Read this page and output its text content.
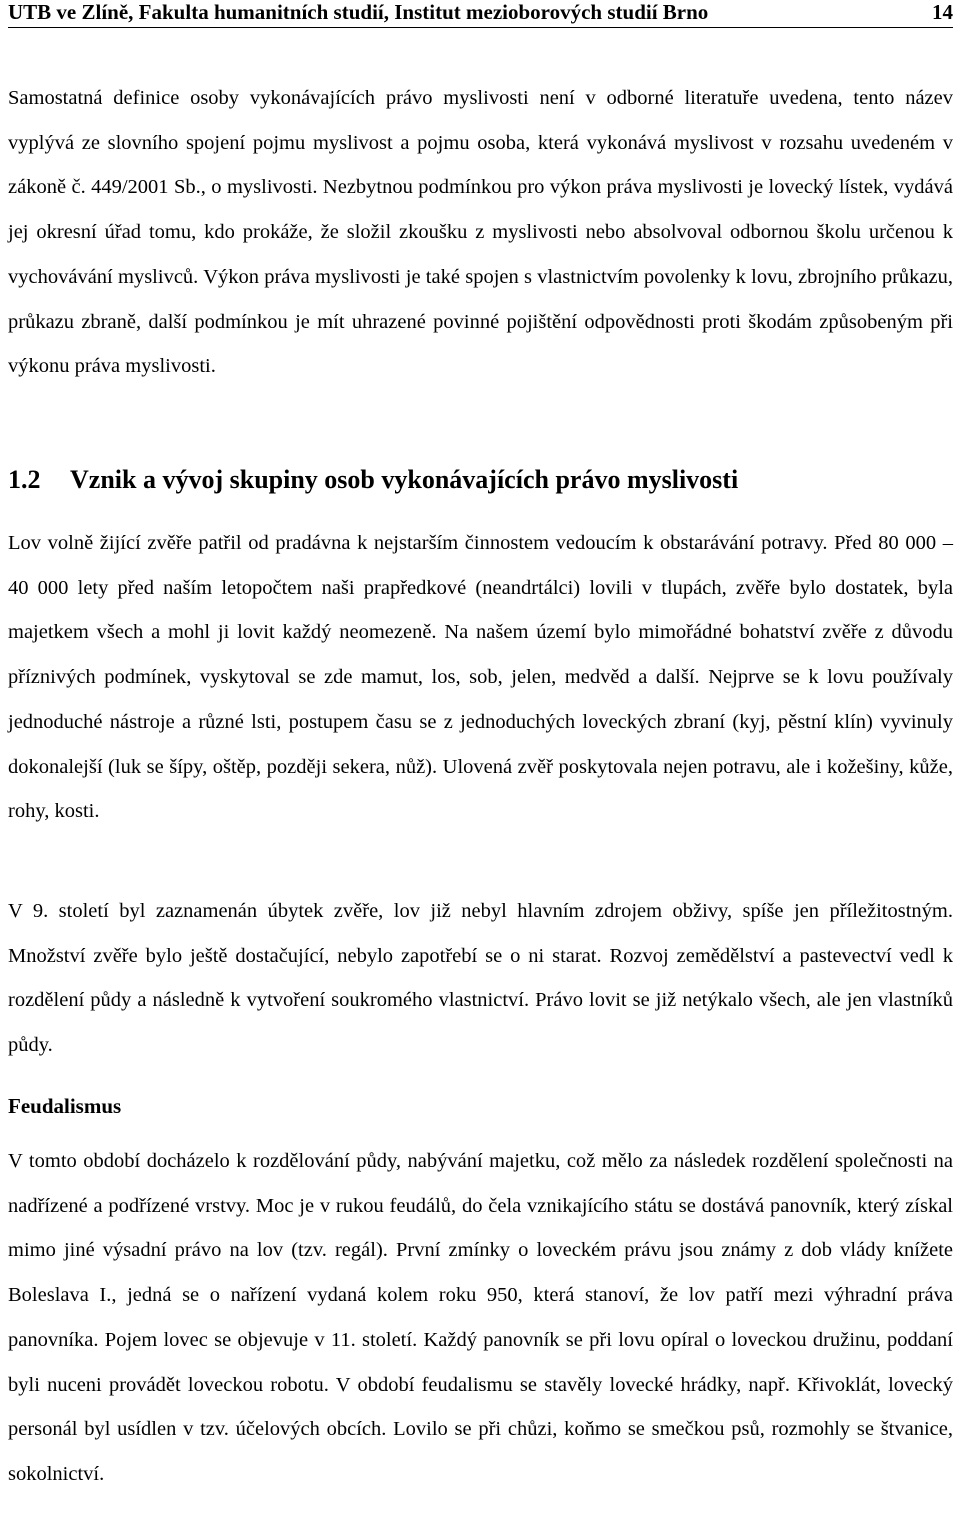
UTB ve Zlíně, Fakulta humanitních studií, Institut mezioborových studií Brno	14

Samostatná definice osoby vykonávajících právo myslivosti není v odborné literatuře uvedena, tento název vyplývá ze slovního spojení pojmu myslivost a pojmu osoba, která vykonává myslivost v rozsahu uvedeném v zákoně č. 449/2001 Sb., o myslivosti. Nezbytnou podmínkou pro výkon práva myslivosti je lovecký lístek, vydává jej okresní úřad tomu, kdo prokáže, že složil zkoušku z myslivosti nebo absolvoval odbornou školu určenou k vychovávání myslivců. Výkon práva myslivosti je také spojen s vlastnictvím povolenky k lovu, zbrojního průkazu, průkazu zbraně, další podmínkou je mít uhrazené povinné pojištění odpovědnosti proti škodám způsobeným při výkonu práva myslivosti.

1.2	Vznik a vývoj skupiny osob vykonávajících právo myslivosti

Lov volně žijící zvěře patřil od pradávna k nejstarším činnostem vedoucím k obstarávání potravy. Před 80 000 – 40 000 lety před naším letopočtem naši prapředkové (neandrtálci) lovili v tlupách, zvěře bylo dostatek, byla majetkem všech a mohl ji lovit každý neomezeně. Na našem území bylo mimořádné bohatství zvěře z důvodu příznivých podmínek, vyskytoval se zde mamut, los, sob, jelen, medvěd a další. Nejprve se k lovu používaly jednoduché nástroje a různé lsti, postupem času se z jednoduchých loveckých zbraní (kyj, pěstní klín) vyvinuly dokonalejší (luk se šípy, oštěp, později sekera, nůž). Ulovená zvěř poskytovala nejen potravu, ale i kožešiny, kůže, rohy, kosti.

V 9. století byl zaznamenán úbytek zvěře, lov již nebyl hlavním zdrojem obživy, spíše jen příležitostným. Množství zvěře bylo ještě dostačující, nebylo zapotřebí se o ni starat. Rozvoj zemědělství a pastevectví vedl k rozdělení půdy a následně k vytvoření soukromého vlastnictví. Právo lovit se již netýkalo všech, ale jen vlastníků půdy.

Feudalismus

V tomto období docházelo k rozdělování půdy, nabývání majetku, což mělo za následek rozdělení společnosti na nadřízené a podřízené vrstvy. Moc je v rukou feudálů, do čela vznikajícího státu se dostává panovník, který získal mimo jiné výsadní právo na lov (tzv. regál). První zmínky o loveckém právu jsou známy z dob vlády knížete Boleslava I., jedná se o nařízení vydaná kolem roku 950, která stanoví, že lov patří mezi výhradní práva panovníka. Pojem lovec se objevuje v 11. století. Každý panovník se při lovu opíral o loveckou družinu, poddaní byli nuceni provádět loveckou robotu. V období feudalismu se stavěly lovecké hrádky, např. Křivoklát, lovecký personál byl usídlen v tzv. účelových obcích. Lovilo se při chůzi, koňmo se smečkou psů, rozmohly se štvanice, sokolnictví.
